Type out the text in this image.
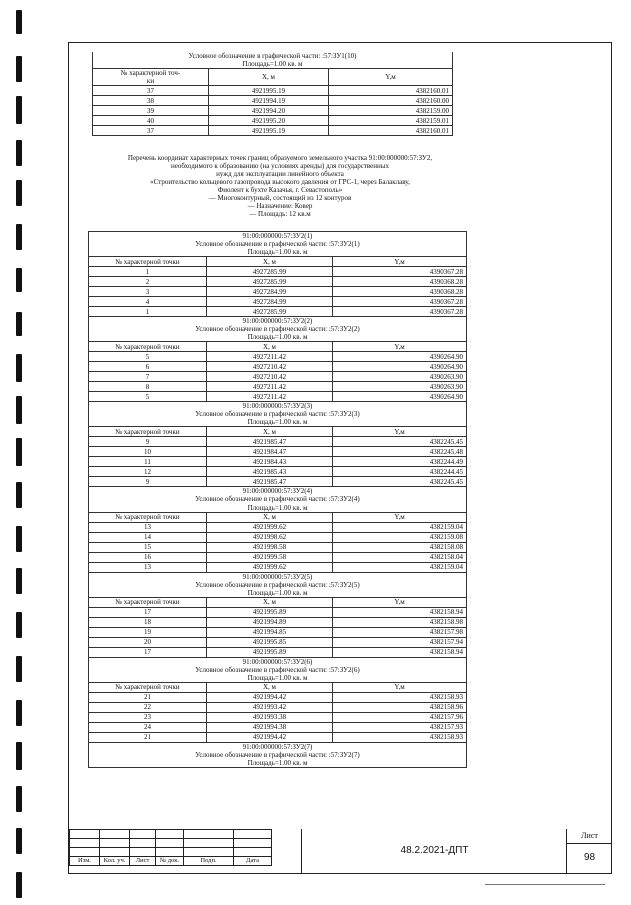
Изм.	Кол. уч.	Лист	№ док.	Подп.	Дата
48.2.2021-ДПТ
Лист
98
Условное обозначение в графической части: :57:ЗУ1(10)
Площадь=1.00 кв. м		

№ характерной точ-
ки	X, м	Y,м
37	4921995.19	4382160.01
38	4921994.19	4382160.00
39	4921994.20	4382159.00
40	4921995.20	4382159.01
37	4921995.19	4382160.01
Перечень координат характерных точек границ образуемого земельного участка 91:00:000000:57:ЗУ2,
необходимого к образованию (на условиях аренды) для государственных
нужд для эксплуатации линейного объекта
«Строительство кольцевого газопровода высокого давления от ГРС-1, через Балаклаву,
Фиолент к бухте Казачья, г. Севастополь»
— Многоконтурный, состоящий из 12 контуров
— Назначение: Ковер
— Площадь: 12 кв.м
91:00:000000:57:ЗУ2(1)
Условное обозначение в графической части: :57:ЗУ2(1)
Площадь=1.00 кв. м		

№ характерной точки	X, м	Y,м
1	4927285.99	4390367.28
2	4927285.99	4390368.28
3	4927284.99	4390368.28
4	4927284.99	4390367.28
1	4927285.99	4390367.28

91:00:000000:57:ЗУ2(2)
Условное обозначение в графической части: :57:ЗУ2(2)
Площадь=1.00 кв. м		

№ характерной точки	X, м	Y,м
5	4927211.42	4390264.90
6	4927210.42	4390264.90
7	4927210.42	4390263.90
8	4927211.42	4390263.90
5	4927211.42	4390264.90

91:00:000000:57:ЗУ2(3)
Условное обозначение в графической части: :57:ЗУ2(3)
Площадь=1.00 кв. м		

№ характерной точки	X, м	Y,м
9	4921985.47	4382245.45
10	4921984.47	4382245.48
11	4921984.43	4382244.49
12	4921985.43	4382244.45
9	4921985.47	4382245.45

91:00:000000:57:ЗУ2(4)
Условное обозначение в графической части: :57:ЗУ2(4)
Площадь=1.00 кв. м		

№ характерной точки	X, м	Y,м
13	4921999.62	4382159.04
14	4921998.62	4382159.08
15	4921998.58	4382158.08
16	4921999.58	4382158.04
13	4921999.62	4382159.04

91:00:000000:57:ЗУ2(5)
Условное обозначение в графической части: :57:ЗУ2(5)
Площадь=1.00 кв. м		

№ характерной точки	X, м	Y,м
17	4921995.89	4382158.94
18	4921994.89	4382158.98
19	4921994.85	4382157.98
20	4921995.85	4382157.94
17	4921995.89	4382158.94

91:00:000000:57:ЗУ2(6)
Условное обозначение в графической части: :57:ЗУ2(6)
Площадь=1.00 кв. м		

№ характерной точки	X, м	Y,м
21	4921994.42	4382158.93
22	4921993.42	4382158.96
23	4921993.38	4382157.96
24	4921994.38	4382157.93
21	4921994.42	4382158.93

91:00:000000:57:ЗУ2(7)
Условное обозначение в графической части: :57:ЗУ2(7)
Площадь=1.00 кв. м		
